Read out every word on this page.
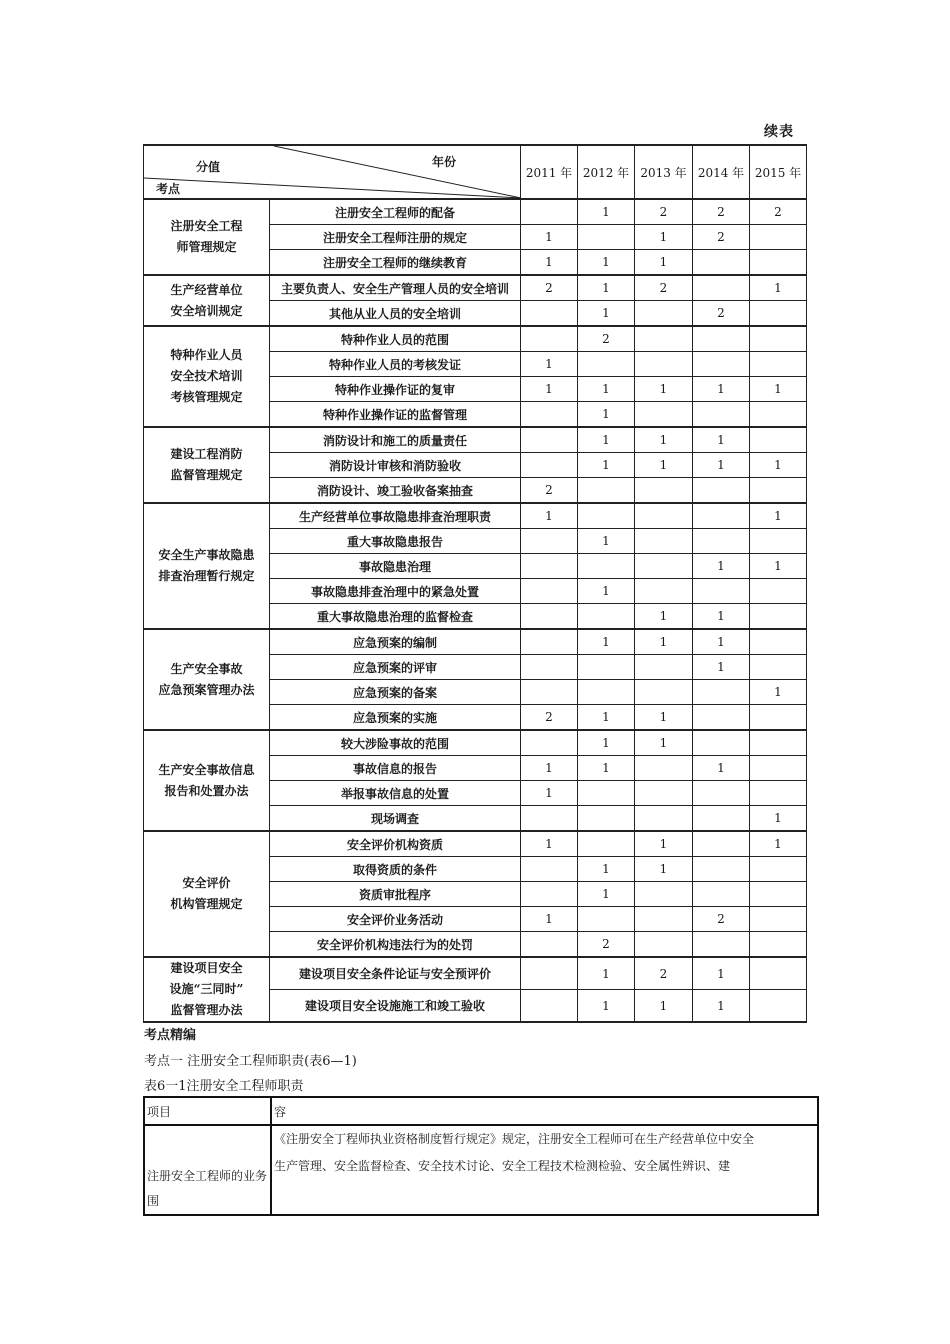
续表
分值 年份
考点		2011 年	2012 年	2013 年	2014 年	2015 年
注册安全工程
师管理规定	注册安全工程师的配备		1	2	2	2
	注册安全工程师注册的规定	1		1	2	
	注册安全工程师的继续教育	1	1	1		
生产经营单位
安全培训规定	主要负责人、安全生产管理人员的安全培训	2	1	2		1
	其他从业人员的安全培训		1		2	
特种作业人员
安全技术培训
考核管理规定	特种作业人员的范围		2			
	特种作业人员的考核发证	1				
	特种作业操作证的复审	1	1	1	1	1
	特种作业操作证的监督管理		1			
建设工程消防
监督管理规定	消防设计和施工的质量责任		1	1	1	
	消防设计审核和消防验收		1	1	1	1
	消防设计、竣工验收备案抽查	2				
安全生产事故隐患
排查治理暂行规定	生产经营单位事故隐患排查治理职责	1				1
	重大事故隐患报告		1			
	事故隐患治理				1	1
	事故隐患排查治理中的紧急处置		1			
	重大事故隐患治理的监督检查			1	1	
生产安全事故
应急预案管理办法	应急预案的编制		1	1	1	
	应急预案的评审				1	
	应急预案的备案					1
	应急预案的实施	2	1	1		
生产安全事故信息
报告和处置办法	较大涉险事故的范围		1	1		
	事故信息的报告	1	1		1	
	举报事故信息的处置	1				
	现场调查					1
安全评价
机构管理规定	安全评价机构资质	1		1		1
	取得资质的条件		1	1		
	资质审批程序		1			
	安全评价业务活动	1			2	
	安全评价机构违法行为的处罚		2			
建设项目安全
设施“三同时”
监督管理办法	建设项目安全条件论证与安全预评价		1	2	1	
	建设项目安全设施施工和竣工验收		1	1	1	
考点精编
考点一 注册安全工程师职责(表6—1)
表6一1注册安全工程师职责
项目	容

注册安全工程师的业务围	《注册安全丁程师执业资格制度暂行规定》规定，注册安全工程师可在生产经营单位中安全
生产管理、安全监督检查、安全技术讨论、安全工程技术检测检验、安全属性辨识、建
